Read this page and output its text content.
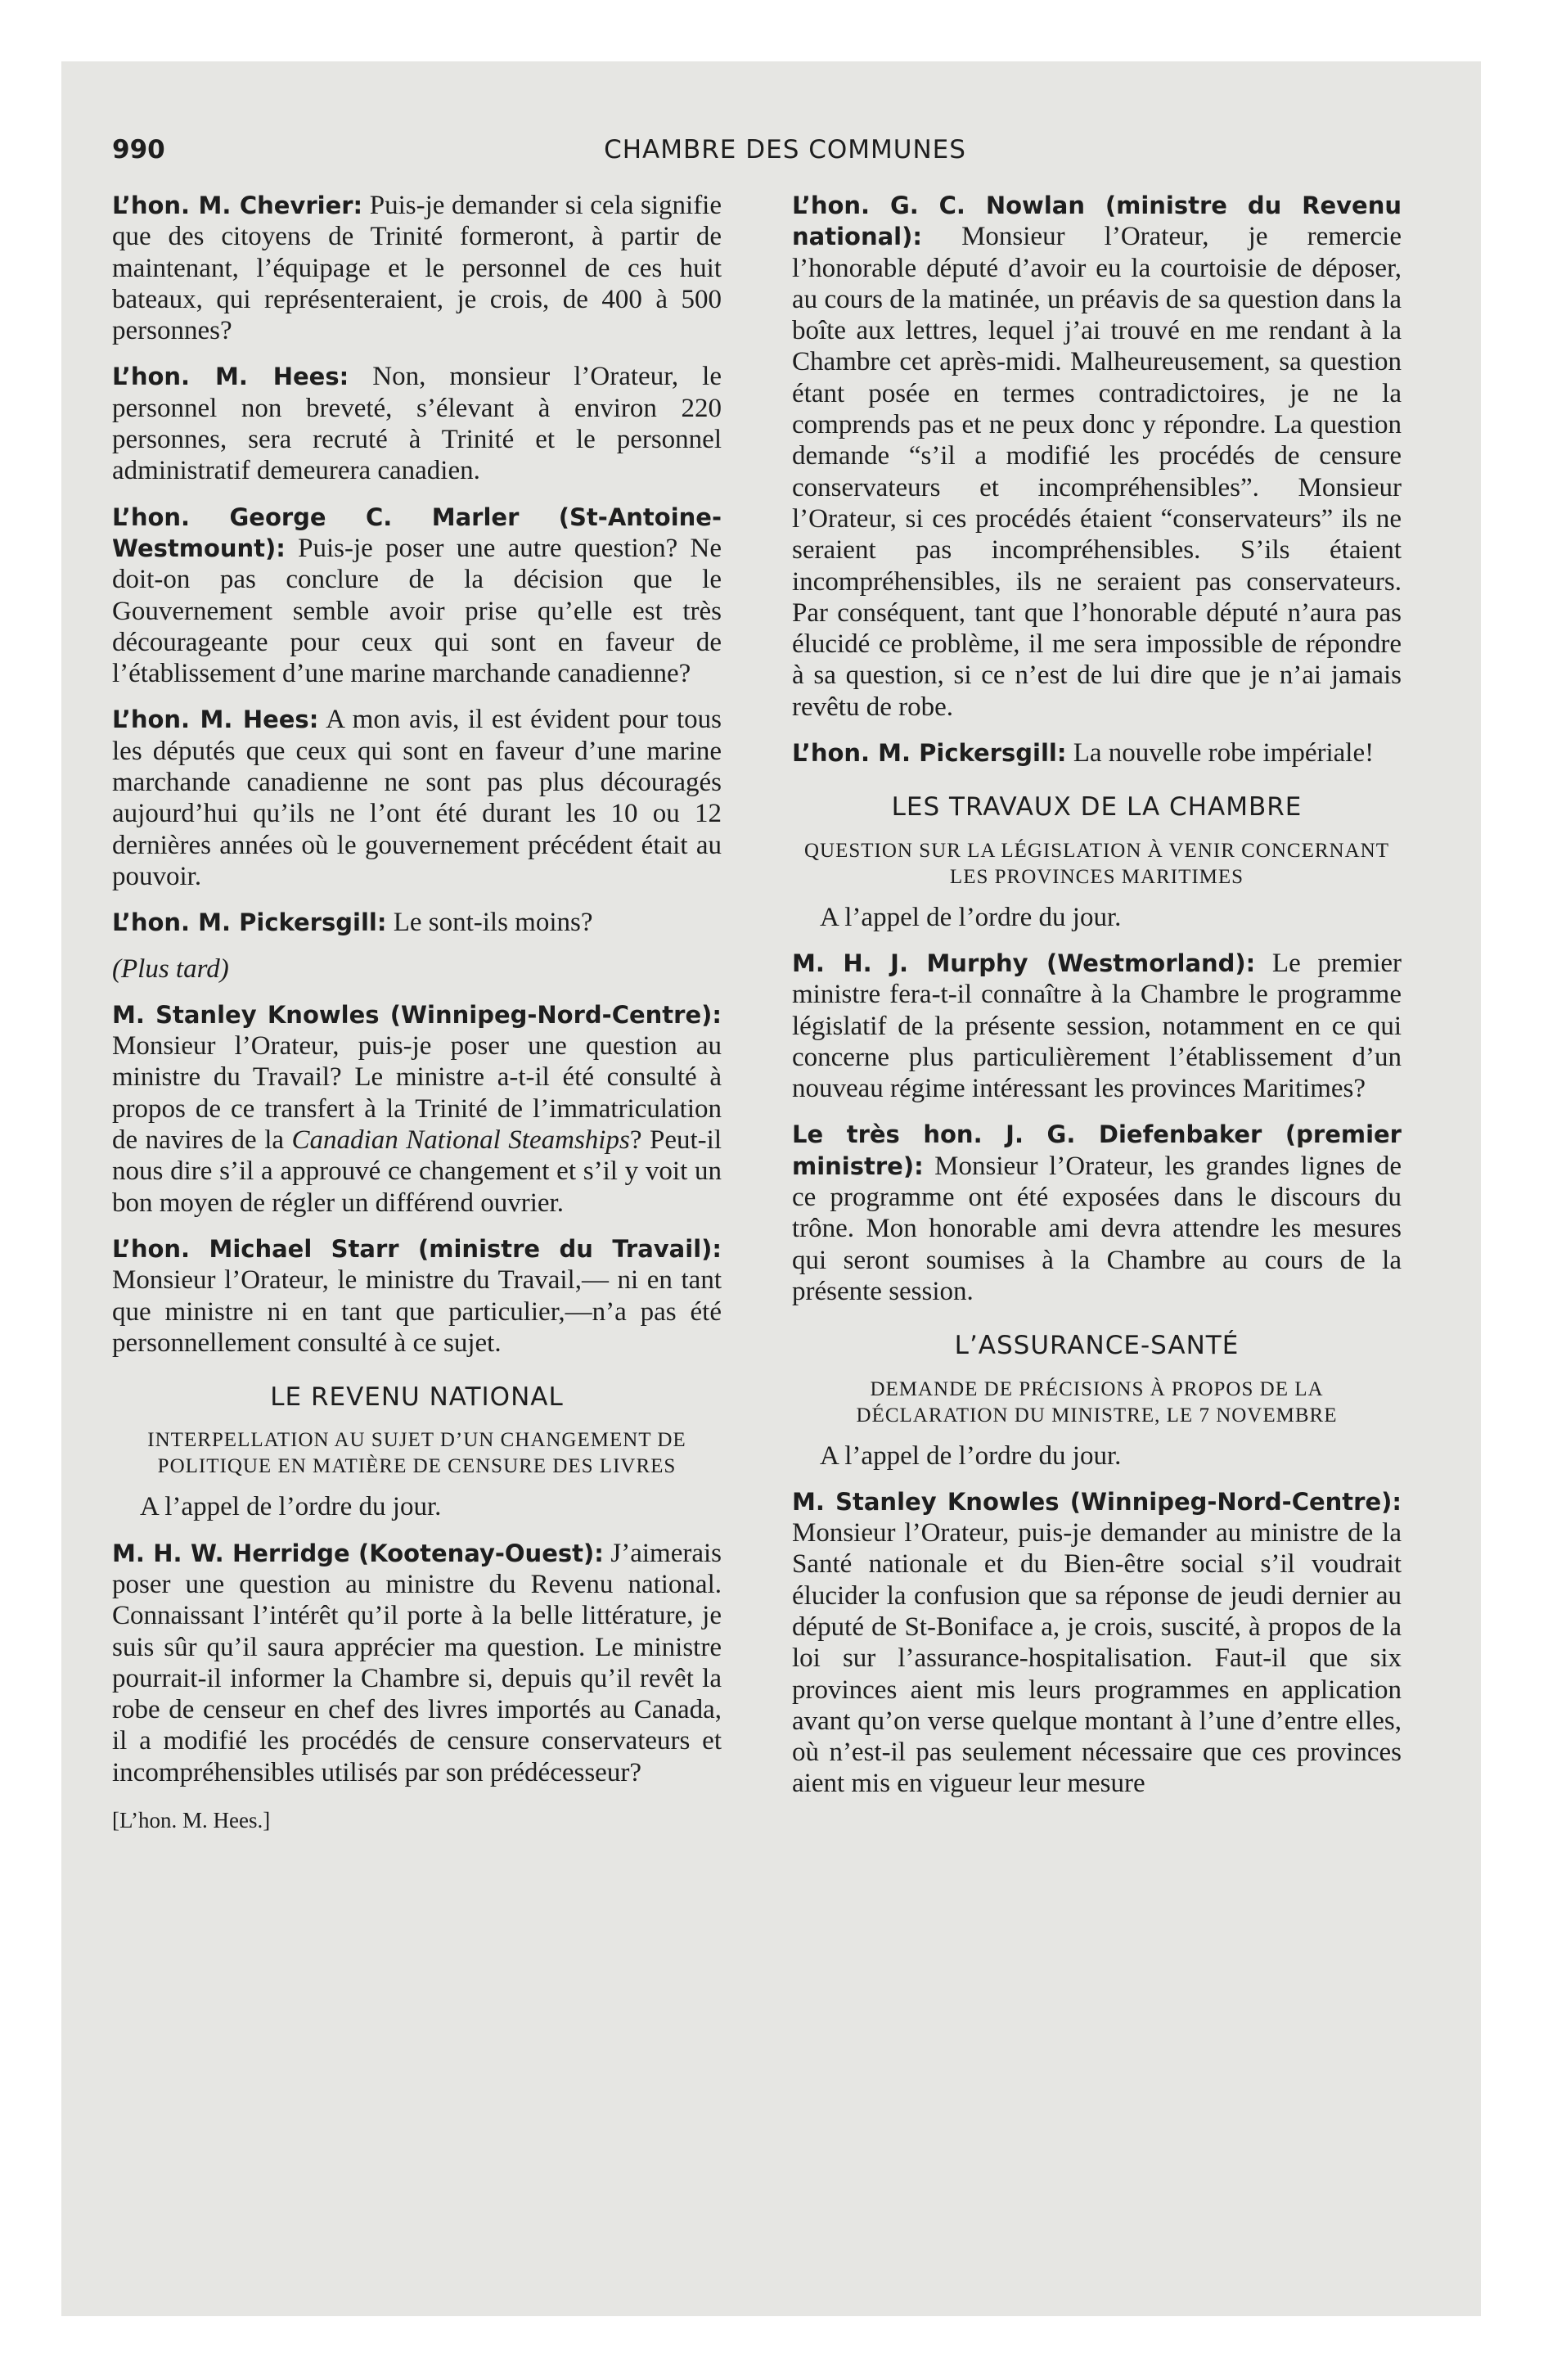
990	CHAMBRE DES COMMUNES

L’hon. M. Chevrier: Puis-je demander si cela signifie que des citoyens de Trinité formeront, à partir de maintenant, l’équipage et le personnel de ces huit bateaux, qui représenteraient, je crois, de 400 à 500 personnes?

L’hon. M. Hees: Non, monsieur l’Orateur, le personnel non breveté, s’élevant à environ 220 personnes, sera recruté à Trinité et le personnel administratif demeurera canadien.

L’hon. George C. Marler (St-Antoine-Westmount): Puis-je poser une autre question? Ne doit-on pas conclure de la décision que le Gouvernement semble avoir prise qu’elle est très décourageante pour ceux qui sont en faveur de l’établissement d’une marine marchande canadienne?

L’hon. M. Hees: A mon avis, il est évident pour tous les députés que ceux qui sont en faveur d’une marine marchande canadienne ne sont pas plus découragés aujourd’hui qu’ils ne l’ont été durant les 10 ou 12 dernières années où le gouvernement précédent était au pouvoir.

L’hon. M. Pickersgill: Le sont-ils moins?

(Plus tard)

M. Stanley Knowles (Winnipeg-Nord-Centre): Monsieur l’Orateur, puis-je poser une question au ministre du Travail? Le ministre a-t-il été consulté à propos de ce transfert à la Trinité de l’immatriculation de navires de la Canadian National Steamships? Peut-il nous dire s’il a approuvé ce changement et s’il y voit un bon moyen de régler un différend ouvrier.

L’hon. Michael Starr (ministre du Travail): Monsieur l’Orateur, le ministre du Travail,— ni en tant que ministre ni en tant que particulier,—n’a pas été personnellement consulté à ce sujet.

LE REVENU NATIONAL
INTERPELLATION AU SUJET D’UN CHANGEMENT DE POLITIQUE EN MATIÈRE DE CENSURE DES LIVRES

A l’appel de l’ordre du jour.

M. H. W. Herridge (Kootenay-Ouest): J’aimerais poser une question au ministre du Revenu national. Connaissant l’intérêt qu’il porte à la belle littérature, je suis sûr qu’il saura apprécier ma question. Le ministre pourrait-il informer la Chambre si, depuis qu’il revêt la robe de censeur en chef des livres importés au Canada, il a modifié les procédés de censure conservateurs et incompréhensibles utilisés par son prédécesseur?

[L’hon. M. Hees.]

L’hon. G. C. Nowlan (ministre du Revenu national): Monsieur l’Orateur, je remercie l’honorable député d’avoir eu la courtoisie de déposer, au cours de la matinée, un préavis de sa question dans la boîte aux lettres, lequel j’ai trouvé en me rendant à la Chambre cet après-midi. Malheureusement, sa question étant posée en termes contradictoires, je ne la comprends pas et ne peux donc y répondre. La question demande “s’il a modifié les procédés de censure conservateurs et incompréhensibles”. Monsieur l’Orateur, si ces procédés étaient “conservateurs” ils ne seraient pas incompréhensibles. S’ils étaient incompréhensibles, ils ne seraient pas conservateurs. Par conséquent, tant que l’honorable député n’aura pas élucidé ce problème, il me sera impossible de répondre à sa question, si ce n’est de lui dire que je n’ai jamais revêtu de robe.

L’hon. M. Pickersgill: La nouvelle robe impériale!

LES TRAVAUX DE LA CHAMBRE
QUESTION SUR LA LÉGISLATION À VENIR CONCERNANT LES PROVINCES MARITIMES

A l’appel de l’ordre du jour.

M. H. J. Murphy (Westmorland): Le premier ministre fera-t-il connaître à la Chambre le programme législatif de la présente session, notamment en ce qui concerne plus particulièrement l’établissement d’un nouveau régime intéressant les provinces Maritimes?

Le très hon. J. G. Diefenbaker (premier ministre): Monsieur l’Orateur, les grandes lignes de ce programme ont été exposées dans le discours du trône. Mon honorable ami devra attendre les mesures qui seront soumises à la Chambre au cours de la présente session.

L’ASSURANCE-SANTÉ
DEMANDE DE PRÉCISIONS À PROPOS DE LA DÉCLARATION DU MINISTRE, LE 7 NOVEMBRE

A l’appel de l’ordre du jour.

M. Stanley Knowles (Winnipeg-Nord-Centre): Monsieur l’Orateur, puis-je demander au ministre de la Santé nationale et du Bien-être social s’il voudrait élucider la confusion que sa réponse de jeudi dernier au député de St-Boniface a, je crois, suscité, à propos de la loi sur l’assurance-hospitalisation. Faut-il que six provinces aient mis leurs programmes en application avant qu’on verse quelque montant à l’une d’entre elles, où n’est-il pas seulement nécessaire que ces provinces aient mis en vigueur leur mesure
